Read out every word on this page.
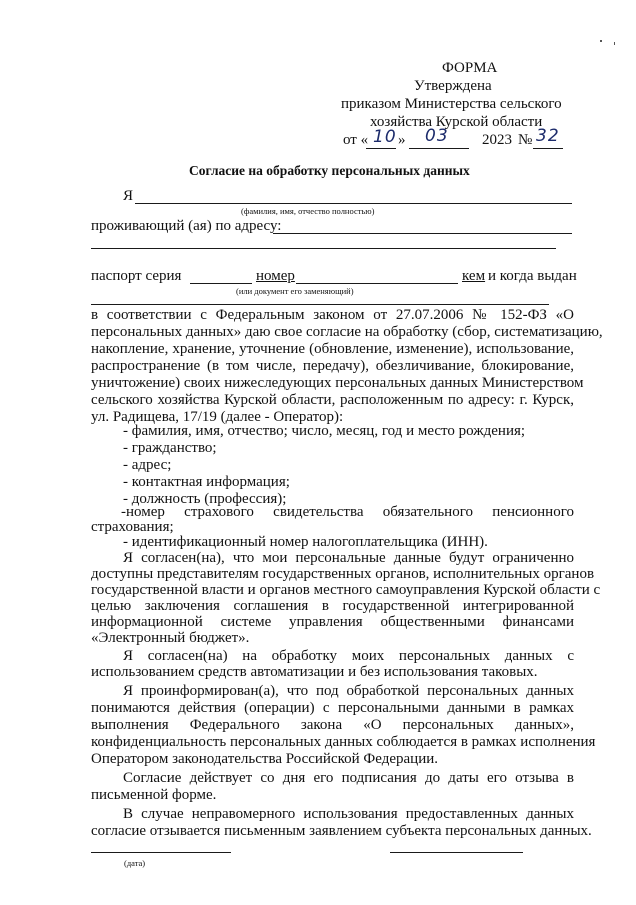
ФОРМА
Утверждена
приказом Министерства сельского
хозяйства Курской области
от « 10 » 03 2023 № 32
Согласие на обработку персональных данных
Я
(фамилия, имя, отчество полностью)
проживающий (ая) по адресу:
паспорт серия	номер	кем и когда выдан
(или документ его заменяющий)
в соответствии с Федеральным законом от 27.07.2006 № 152-ФЗ «О
персональных данных» даю свое согласие на обработку (сбор, систематизацию,
накопление, хранение, уточнение (обновление, изменение), использование,
распространение (в том числе, передачу), обезличивание, блокирование,
уничтожение) своих нижеследующих персональных данных Министерством
сельского хозяйства Курской области, расположенным по адресу: г. Курск,
ул. Радищева, 17/19 (далее - Оператор):
- фамилия, имя, отчество; число, месяц, год и место рождения;
- гражданство;
- адрес;
- контактная информация;
- должность (профессия);
-номер страхового свидетельства обязательного пенсионного
страхования;
- идентификационный номер налогоплательщика (ИНН).
Я согласен(на), что мои персональные данные будут ограниченно
доступны представителям государственных органов, исполнительных органов
государственной власти и органов местного самоуправления Курской области с
целью заключения соглашения в государственной интегрированной
информационной системе управления общественными финансами
«Электронный бюджет».
Я согласен(на) на обработку моих персональных данных с
использованием средств автоматизации и без использования таковых.
Я проинформирован(а), что под обработкой персональных данных
понимаются действия (операции) с персональными данными в рамках
выполнения Федерального закона «О персональных данных»,
конфиденциальность персональных данных соблюдается в рамках исполнения
Оператором законодательства Российской Федерации.
Согласие действует со дня его подписания до даты его отзыва в
письменной форме.
В случае неправомерного использования предоставленных данных
согласие отзывается письменным заявлением субъекта персональных данных.
(дата)
